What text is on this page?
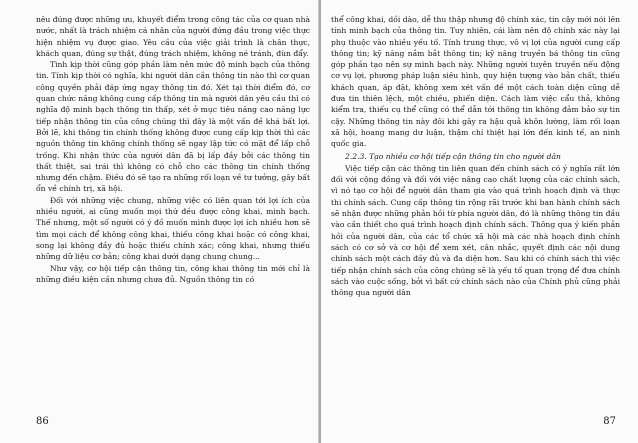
nêu đúng được những ưu, khuyết điểm trong công tác của cơ quan nhà nước, nhất là trách nhiệm cá nhân của người đứng đầu trong việc thực hiện nhiệm vụ được giao. Yêu cầu của việc giải trình là chân thực, khách quan, đúng sự thật, đúng trách nhiệm, không né tránh, đùn đẩy.

Tình kịp thời cũng góp phần làm nên mức độ minh bạch của thông tin. Tính kịp thời có nghĩa, khi người dân cần thông tin nào thì cơ quan công quyền phải đáp ứng ngay thông tin đó. Xét tại thời điểm đó, cơ quan chức năng không cung cấp thông tin mà người dân yêu cầu thì có nghĩa độ minh bạch thông tin thấp, xét ở mục tiêu năng cao năng lực tiếp nhận thông tin của công chúng thì đây là một vấn đề khá bất lợi. Bởi lẽ, khi thông tin chính thống không được cung cấp kịp thời thì các nguồn thông tin không chính thống sẽ ngay lập tức có mặt để lấp chỗ trống. Khi nhận thức của người dân đã bị lấp đầy bởi các thông tin thất thiệt, sai trái thì không có chỗ cho các thông tin chính thống nhưng đến chậm. Điều đó sẽ tạo ra những rối loạn về tư tưởng, gây bất ổn về chính trị, xã hội.

Đối với những việc chung, những việc có liên quan tới lợi ích của nhiều người, ai cũng muốn mọi thứ đều được công khai, minh bạch. Thế nhưng, một số người có ý đồ muốn mình được lợi ích nhiều hơn sẽ tìm mọi cách để không công khai, thiếu công khai hoặc có công khai, song lại không đầy đủ hoặc thiếu chính xác; công khai, nhưng thiếu những dữ liệu cơ bản; công khai dưới dạng chung chung...

Như vậy, cơ hội tiếp cận thông tin, công khai thông tin mới chỉ là những điều kiện cần nhưng chưa đủ. Nguồn thông tin có

86

thể công khai, dồi dào, dễ thu thập nhưng độ chính xác, tin cậy mới nói lên tính minh bạch của thông tin. Tuy nhiên, cái làm nên độ chính xác này lại phụ thuộc vào nhiều yếu tố. Tính trung thực, vô vị lợi của người cung cấp thông tin; kỹ năng nắm bắt thông tin; kỹ năng truyền bá thông tin cũng góp phần tạo nên sự minh bạch này. Những người tuyên truyền nếu động cơ vụ lợi, phương pháp luận siêu hình, quy hiện tượng vào bản chất, thiếu khách quan, áp đặt, không xem xét vấn đề một cách toàn diện cũng dễ đưa tin thiên lệch, một chiều, phiến diện. Cách làm việc cẩu thả, không kiểm tra, thiếu cụ thể cũng có thể dẫn tới thông tin không đảm bảo sự tin cậy. Những thông tin này đôi khi gây ra hậu quả khôn lường, làm rối loạn xã hội, hoang mang dư luận, thậm chí thiệt hại lớn đến kinh tế, an ninh quốc gia.

2.2.3. Tạo nhiều cơ hội tiếp cận thông tin cho người dân

Việc tiếp cận các thông tin liên quan đến chính sách có ý nghĩa rất lớn đối với cộng đồng và đối với việc nâng cao chất lượng của các chính sách, vì nó tạo cơ hội để người dân tham gia vào quá trình hoạch định và thực thi chính sách. Cung cấp thông tin rộng rãi trước khi ban hành chính sách sẽ nhận được những phản hồi từ phía người dân, đó là những thông tin đầu vào cần thiết cho quá trình hoạch định chính sách. Thông qua ý kiến phản hồi của người dân, của các tổ chức xã hội mà các nhà hoạch định chính sách có cơ sở và cơ hội để xem xét, cân nhắc, quyết định các nội dung chính sách một cách đầy đủ và đa diện hơn. Sau khi có chính sách thì việc tiếp nhận chính sách của công chúng sẽ là yếu tố quan trọng để đưa chính sách vào cuộc sống, bởi vì bất cứ chính sách nào của Chính phủ cũng phải thông qua người dân

87
